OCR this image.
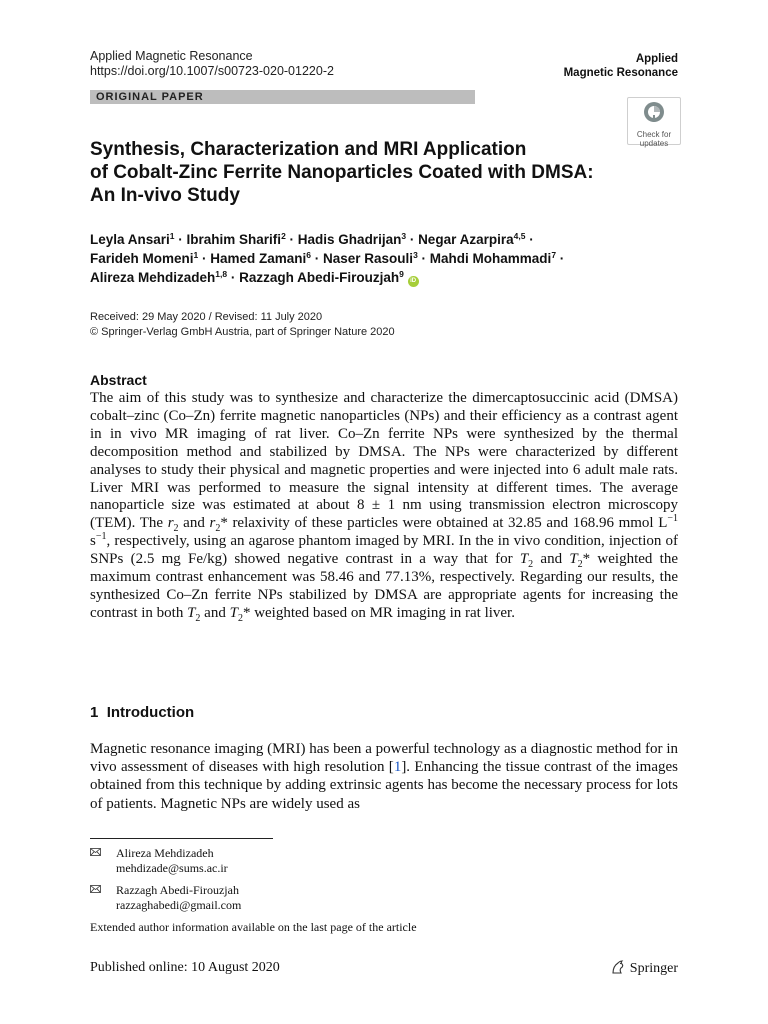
Applied Magnetic Resonance
https://doi.org/10.1007/s00723-020-01220-2
Applied
Magnetic Resonance
ORIGINAL PAPER
Check for
updates
Synthesis, Characterization and MRI Application
of Cobalt-Zinc Ferrite Nanoparticles Coated with DMSA:
An In-vivo Study
Leyla Ansari$^1$ · Ibrahim Sharifi$^2$ · Hadis Ghadrijan$^3$ · Negar Azarpira$^{4,5}$ ·
Farideh Momeni$^1$ · Hamed Zamani$^6$ · Naser Rasouli$^3$ · Mahdi Mohammadi$^7$ ·
Alireza Mehdizadeh$^{1,8}$ · Razzagh Abedi-Firouzjah$^9$ iD
Received: 29 May 2020 / Revised: 11 July 2020
© Springer-Verlag GmbH Austria, part of Springer Nature 2020
Abstract
The aim of this study was to synthesize and characterize the dimercaptosuccinic acid (DMSA) cobalt–zinc (Co–Zn) ferrite magnetic nanoparticles (NPs) and their efficiency as a contrast agent in in vivo MR imaging of rat liver. Co–Zn ferrite NPs were synthesized by the thermal decomposition method and stabilized by DMSA. The NPs were characterized by different analyses to study their physical and magnetic properties and were injected into 6 adult male rats. Liver MRI was performed to measure the signal intensity at different times. The average nanoparticle size was estimated at about 8 ± 1 nm using transmission electron microscopy (TEM). The $r_2$ and $r_2*$ relaxivity of these particles were obtained at 32.85 and 168.96 mmol $L^{-1}$ $s^{-1}$, respectively, using an agarose phantom imaged by MRI. In the in vivo condition, injection of SNPs (2.5 mg Fe/kg) showed negative contrast in a way that for $T_2$ and $T_2*$ weighted the maximum contrast enhancement was 58.46 and 77.13%, respectively. Regarding our results, the synthesized Co–Zn ferrite NPs stabilized by DMSA are appropriate agents for increasing the contrast in both $T_2$ and $T_2*$ weighted based on MR imaging in rat liver.
1 Introduction
Magnetic resonance imaging (MRI) has been a powerful technology as a diagnostic method for in vivo assessment of diseases with high resolution [1]. Enhancing the tissue contrast of the images obtained from this technique by adding extrinsic agents has become the necessary process for lots of patients. Magnetic NPs are widely used as
Alireza Mehdizadeh
mehdizade@sums.ac.ir
Razzagh Abedi-Firouzjah
razzaghabedi@gmail.com
Extended author information available on the last page of the article
Published online: 10 August 2020	Springer
